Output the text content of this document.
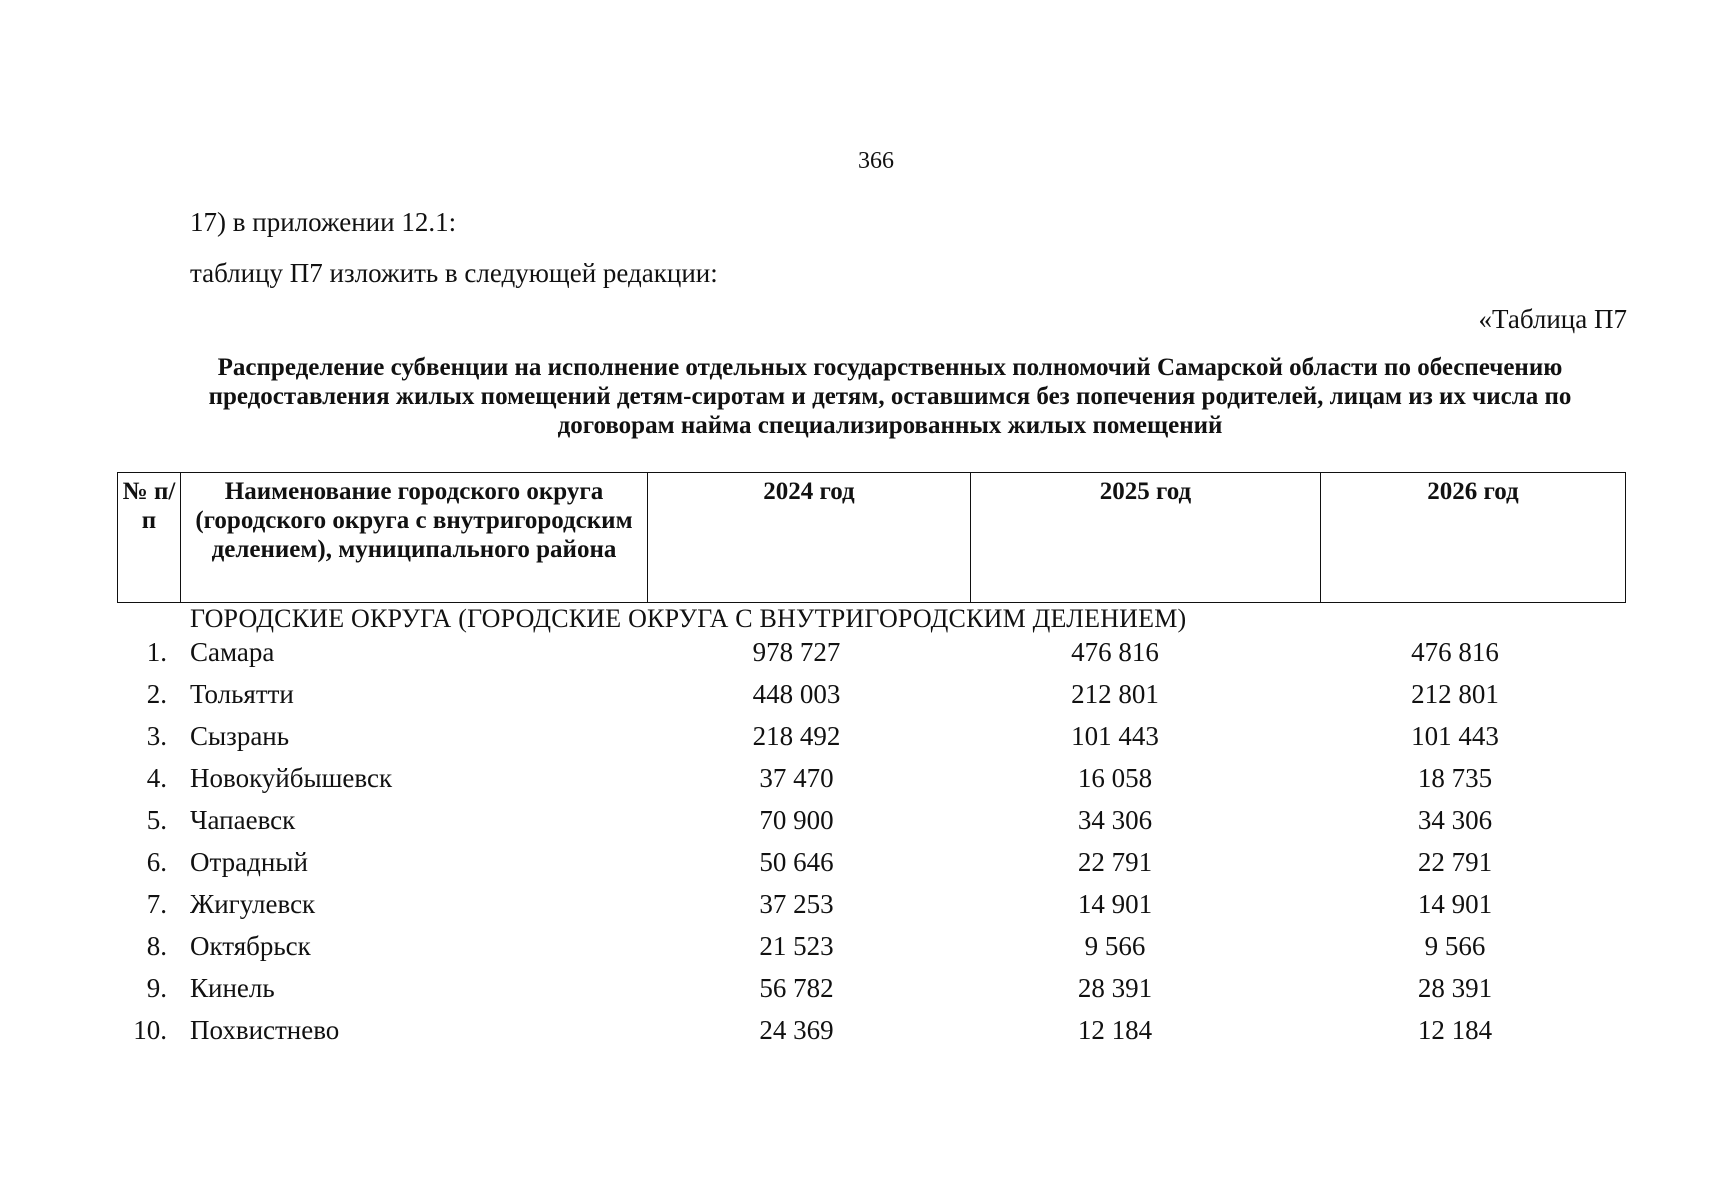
366
17) в приложении 12.1:
таблицу П7 изложить в следующей редакции:
«Таблица П7
Распределение субвенции на исполнение отдельных государственных полномочий Самарской области по обеспечению предоставления жилых помещений детям-сиротам и детям, оставшимся без попечения родителей, лицам из их числа по договорам найма специализированных жилых помещений
№ п/п	Наименование городского округа (городского округа с внутригородским делением), муниципального района	2024 год	2025 год	2026 год
ГОРОДСКИЕ ОКРУГА (ГОРОДСКИЕ ОКРУГА С ВНУТРИГОРОДСКИМ ДЕЛЕНИЕМ)
1. Самара	978 727	476 816	476 816
2. Тольятти	448 003	212 801	212 801
3. Сызрань	218 492	101 443	101 443
4. Новокуйбышевск	37 470	16 058	18 735
5. Чапаевск	70 900	34 306	34 306
6. Отрадный	50 646	22 791	22 791
7. Жигулевск	37 253	14 901	14 901
8. Октябрьск	21 523	9 566	9 566
9. Кинель	56 782	28 391	28 391
10. Похвистнево	24 369	12 184	12 184
